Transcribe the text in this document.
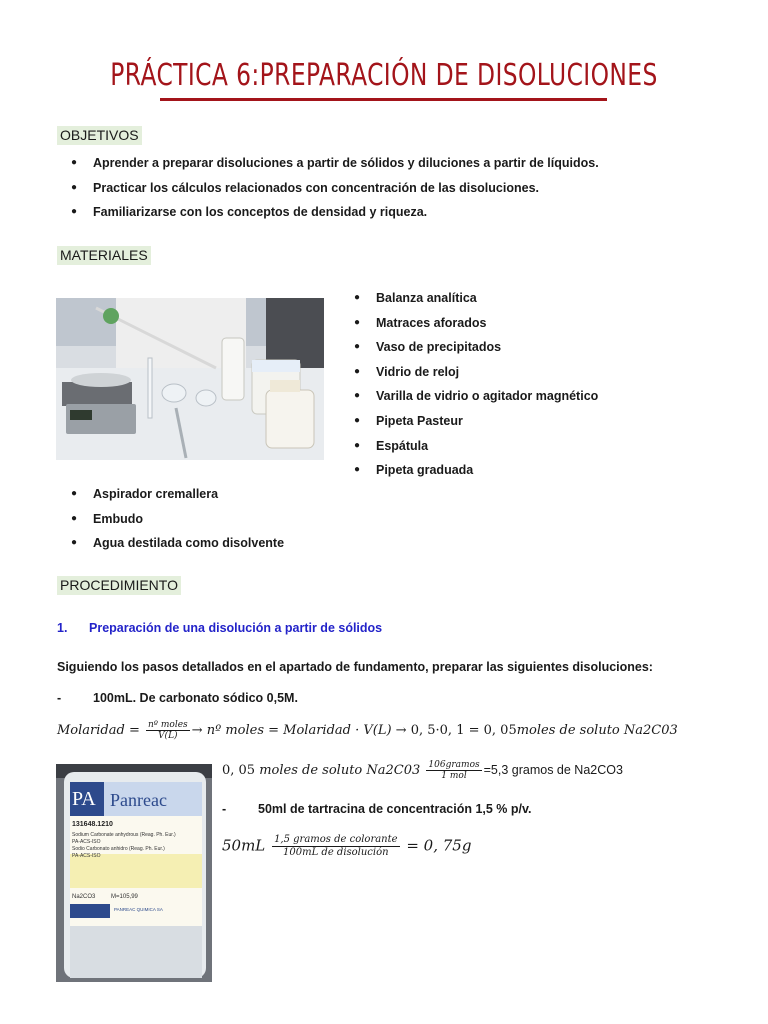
PRÁCTICA 6:PREPARACIÓN DE DISOLUCIONES
OBJETIVOS
● Aprender a preparar disoluciones a partir de sólidos y diluciones a partir de líquidos.
● Practicar los cálculos relacionados con concentración de las disoluciones.
● Familiarizarse con los conceptos de densidad y riqueza.
MATERIALES
● Balanza analítica
● Matraces aforados
● Vaso de precipitados
● Vidrio de reloj
● Varilla de vidrio o agitador magnético
● Pipeta Pasteur
● Espátula
● Pipeta graduada
● Aspirador cremallera
● Embudo
● Agua destilada como disolvente
PROCEDIMIENTO
1. Preparación de una disolución a partir de sólidos
Siguiendo los pasos detallados en el apartado de fundamento, preparar las siguientes disoluciones:
-	100mL. De carbonato sódico 0,5M.
Molaridad = $\frac{\text{nº moles}}{V(L)}$ → nº moles = Molaridad · V(L) → 0, 5·0, 1 = 0, 05moles de soluto Na2C03
PA Panreac
131648.1210
Sodium Carbonate anhydrous (Reag. Ph. Eur.)
PA-ACS-ISO
Sodio Carbonato anhidro (Reag. Ph. Eur.)
PA-ACS-ISO
Na2CO3	M=105,99
PANREAC QUIMICA SA
0, 05 moles de soluto $Na2C03 \frac{\text{106gramos}}{\text{1 mol}} =5,3$ gramos de Na2CO3
-	50ml de tartracina de concentración 1,5 % p/v.
$50mL \frac{\text{1,5 gramos de colorante}}{\text{100mL de disolución}} = 0$, 75g
